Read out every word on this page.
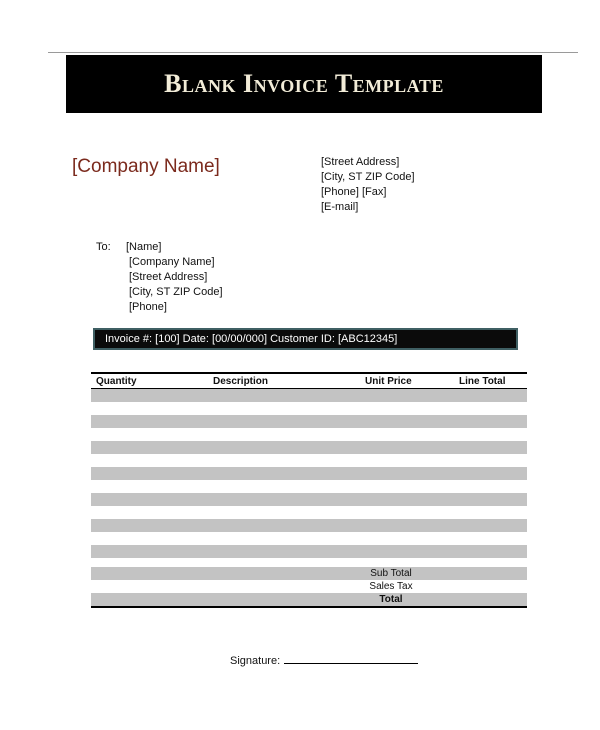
Blank Invoice Template
[Company Name]	[Street Address]
[City, ST ZIP Code]
[Phone] [Fax]
[E-mail]
To: [Name]
[Company Name]
[Street Address]
[City, ST ZIP Code]
[Phone]
Invoice #: [100] Date: [00/00/000] Customer ID: [ABC12345]
Quantity	Description	Unit Price	Line Total
Sub Total
Sales Tax
Total
Signature:
